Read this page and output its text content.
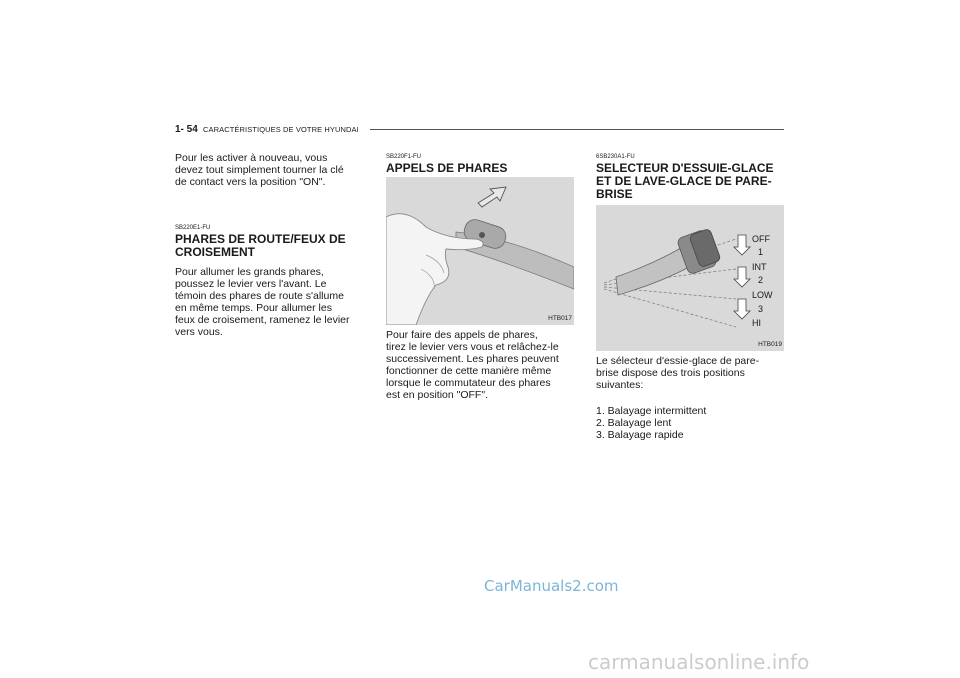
1- 54 CARACTÉRISTIQUES DE VOTRE HYUNDAI
Pour les activer à nouveau, vous
devez tout simplement tourner la clé
de contact vers la position "ON".
SB220E1-FU
PHARES DE ROUTE/FEUX DE
CROISEMENT
Pour allumer les grands phares,
poussez le levier vers l'avant. Le
témoin des phares de route s'allume
en même temps. Pour allumer les
feux de croisement, ramenez le levier
vers vous.
SB220F1-FU
APPELS DE PHARES
HTB017
Pour faire des appels de phares,
tirez le levier vers vous et relâchez-le
successivement. Les phares peuvent
fonctionner de cette manière même
lorsque le commutateur des phares
est en position "OFF".
6SB230A1-FU
SELECTEUR D'ESSUIE-GLACE
ET DE LAVE-GLACE DE PARE-
BRISE
OFF
1
INT
2
LOW
3
HI
HTB019
Le sélecteur d'essie-glace de pare-
brise dispose des trois positions
suivantes:
1. Balayage intermittent
2. Balayage lent
3. Balayage rapide
CarManuals2.com
carmanualsonline.info
